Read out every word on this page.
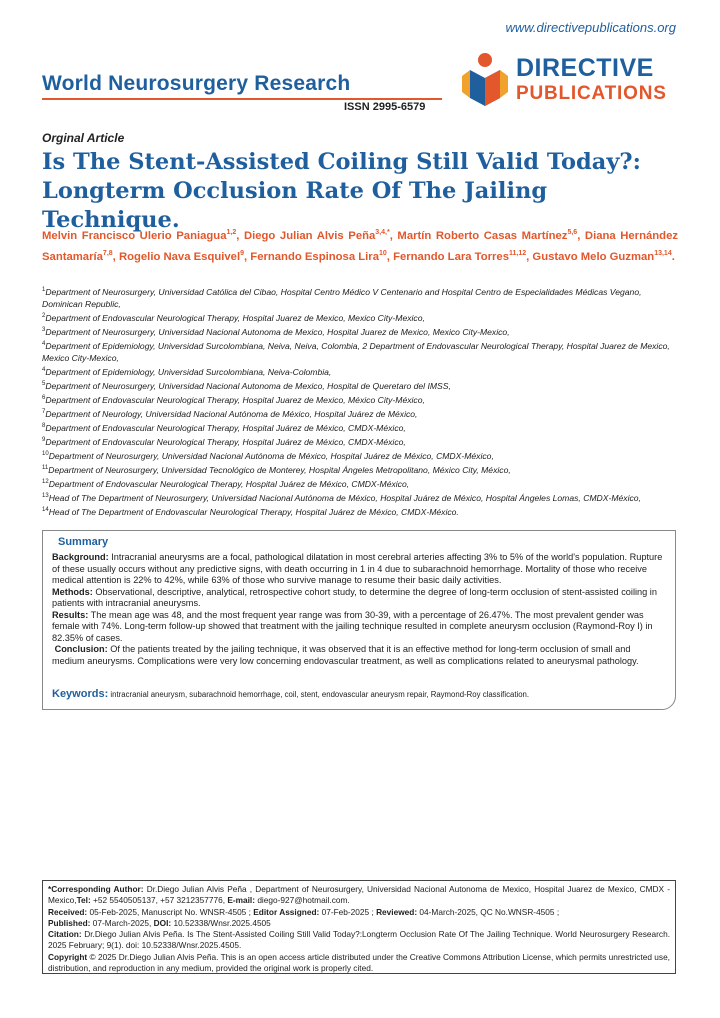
www.directivepublications.org
World Neurosurgery Research
ISSN 2995-6579
DIRECTIVE
PUBLICATIONS
Orginal Article
Is The Stent-Assisted Coiling Still Valid Today?: Longterm Occlusion Rate Of The Jailing Technique.
Melvin Francisco Ulerio Paniagua$^{1,2}$, Diego Julian Alvis Peña$^{3,4,*}$, Martín Roberto Casas Martínez$^{5,6}$, Diana Hernández Santamaría$^{7,8}$, Rogelio Nava Esquivel$^9$, Fernando Espinosa Lira$^{10}$, Fernando Lara Torres$^{11,12}$, Gustavo Melo Guzman$^{13,14}$.
$^1$Department of Neurosurgery, Universidad Católica del Cibao, Hospital Centro Médico V Centenario and Hospital Centro de Especialidades Médicas Vegano, Dominican Republic,
$^2$Department of Endovascular Neurological Therapy, Hospital Juarez de Mexico, Mexico City-Mexico,
$^3$Department of Neurosurgery, Universidad Nacional Autonoma de Mexico, Hospital Juarez de Mexico, Mexico City-Mexico,
$^4$Department of Epidemiology, Universidad Surcolombiana, Neiva, Neiva, Colombia, 2 Department of Endovascular Neurological Therapy, Hospital Juarez de Mexico, Mexico City-Mexico,
$^4$Department of Epidemiology, Universidad Surcolombiana, Neiva-Colombia,
$^5$Department of Neurosurgery, Universidad Nacional Autonoma de Mexico, Hospital de Queretaro del IMSS,
$^6$Department of Endovascular Neurological Therapy, Hospital Juarez de Mexico, México City-México,
$^7$Department of Neurology, Universidad Nacional Autónoma de México, Hospital Juárez de México,
$^8$Department of Endovascular Neurological Therapy, Hospital Juárez de México, CMDX-México,
$^9$Department of Endovascular Neurological Therapy, Hospital Juárez de México, CMDX-México,
$^{10}$Department of Neurosurgery, Universidad Nacional Autónoma de México, Hospital Juárez de México, CMDX-México,
$^{11}$Department of Neurosurgery, Universidad Tecnológico de Monterey, Hospital Ángeles Metropolitano, México City, México,
$^{12}$Department of Endovascular Neurological Therapy, Hospital Juárez de México, CMDX-México,
$^{13}$Head of The Department of Neurosurgery, Universidad Nacional Autónoma de México, Hospital Juárez de México, Hospital Ángeles Lomas, CMDX-México,
$^{14}$Head of The Department of Endovascular Neurological Therapy, Hospital Juárez de México, CMDX-México.
Summary

Background: Intracranial aneurysms are a focal, pathological dilatation in most cerebral arteries affecting 3% to 5% of the world's population. Rupture of these usually occurs without any predictive signs, with death occurring in 1 in 4 due to subarachnoid hemorrhage. Mortality of those who receive medical attention is 22% to 42%, while 63% of those who survive manage to resume their basic daily activities.

Methods: Observational, descriptive, analytical, retrospective cohort study, to determine the degree of long-term occlusion of stent-assisted coiling in patients with intracranial aneurysms.

Results: The mean age was 48, and the most frequent year range was from 30-39, with a percentage of 26.47%. The most prevalent gender was female with 74%. Long-term follow-up showed that treatment with the jailing technique resulted in complete aneurysm occlusion (Raymond-Roy I) in 82.35% of cases.

Conclusion: Of the patients treated by the jailing technique, it was observed that it is an effective method for long-term occlusion of small and medium aneurysms. Complications were very low concerning endovascular treatment, as well as complications related to aneurysmal pathology.

Keywords: intracranial aneurysm, subarachnoid hemorrhage, coil, stent, endovascular aneurysm repair, Raymond-Roy classification.
*Corresponding Author: Dr.Diego Julian Alvis Peña , Department of Neurosurgery, Universidad Nacional Autonoma de Mexico, Hospital Juarez de Mexico, CMDX -Mexico,Tel: +52 5540505137, +57 3212357776, E-mail: diego-927@hotmail.com.
Received: 05-Feb-2025, Manuscript No. WNSR-4505 ; Editor Assigned: 07-Feb-2025 ; Reviewed: 04-March-2025, QC No.WNSR-4505 ;
Published: 07-March-2025, DOI: 10.52338/Wnsr.2025.4505
Citation: Dr.Diego Julian Alvis Peña. Is The Stent-Assisted Coiling Still Valid Today?:Longterm Occlusion Rate Of The Jailing Technique. World Neurosurgery Research. 2025 February; 9(1). doi: 10.52338/Wnsr.2025.4505.
Copyright © 2025 Dr.Diego Julian Alvis Peña. This is an open access article distributed under the Creative Commons Attribution License, which permits unrestricted use, distribution, and reproduction in any medium, provided the original work is properly cited.
